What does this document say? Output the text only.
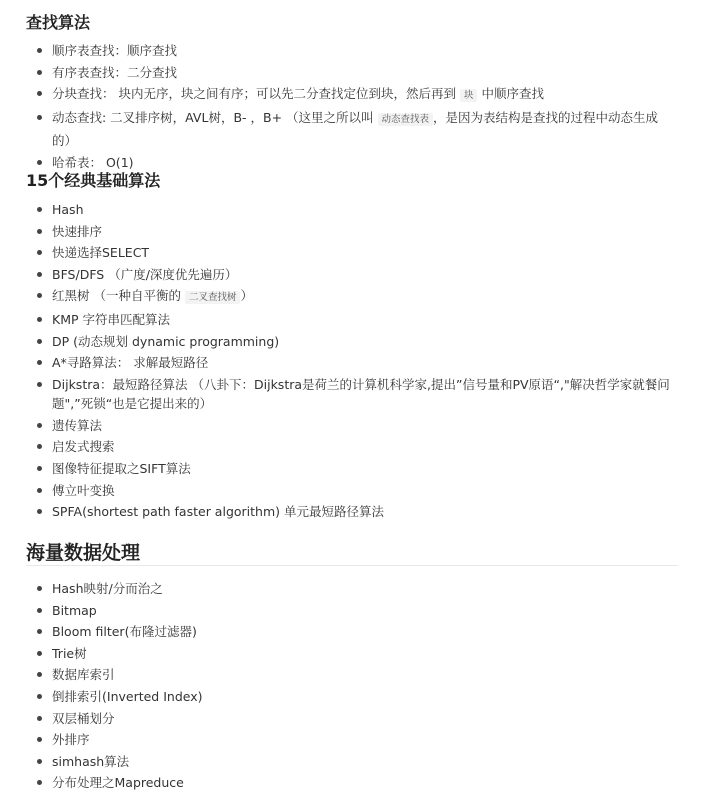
查找算法
顺序表查找：顺序查找
有序表查找：二分查找
分块查找： 块内无序，块之间有序；可以先二分查找定位到块，然后再到 块 中顺序查找
动态查找: 二叉排序树，AVL树，B- ，B+ （这里之所以叫 动态查找表 ，是因为表结构是查找的过程中动态生成的）
哈希表： O(1)
15个经典基础算法
Hash
快速排序
快递选择SELECT
BFS/DFS （广度/深度优先遍历）
红黑树 （一种自平衡的 二叉查找树 ）
KMP 字符串匹配算法
DP (动态规划 dynamic programming)
A*寻路算法： 求解最短路径
Dijkstra：最短路径算法 （八卦下：Dijkstra是荷兰的计算机科学家,提出”信号量和PV原语“,"解决哲学家就餐问题",”死锁“也是它提出来的）
遗传算法
启发式搜索
图像特征提取之SIFT算法
傅立叶变换
SPFA(shortest path faster algorithm) 单元最短路径算法
海量数据处理
Hash映射/分而治之
Bitmap
Bloom filter(布隆过滤器)
Trie树
数据库索引
倒排索引(Inverted Index)
双层桶划分
外排序
simhash算法
分布处理之Mapreduce
